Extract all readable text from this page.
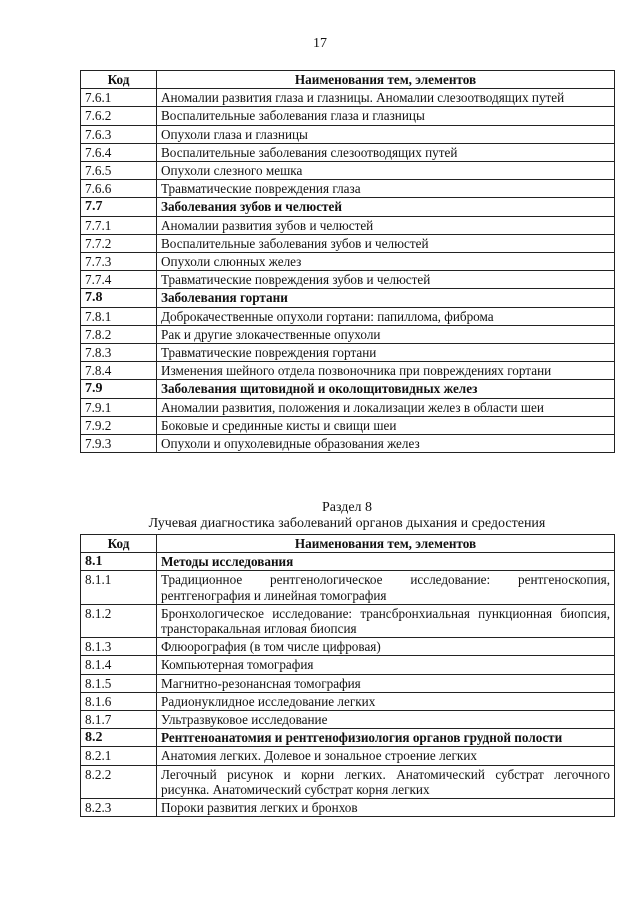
17
Код	Наименования тем, элементов
7.6.1	Аномалии развития глаза и глазницы. Аномалии слезоотводящих путей
7.6.2	Воспалительные заболевания глаза и глазницы
7.6.3	Опухоли глаза и глазницы
7.6.4	Воспалительные заболевания слезоотводящих путей
7.6.5	Опухоли слезного мешка
7.6.6	Травматические повреждения глаза
7.7	Заболевания зубов и челюстей
7.7.1	Аномалии развития зубов и челюстей
7.7.2	Воспалительные заболевания зубов и челюстей
7.7.3	Опухоли слюнных желез
7.7.4	Травматические повреждения зубов и челюстей
7.8	Заболевания гортани
7.8.1	Доброкачественные опухоли гортани: папиллома, фиброма
7.8.2	Рак и другие злокачественные опухоли
7.8.3	Травматические повреждения гортани
7.8.4	Изменения шейного отдела позвоночника при повреждениях гортани
7.9	Заболевания щитовидной и околощитовидных желез
7.9.1	Аномалии развития, положения и локализации желез в области шеи
7.9.2	Боковые и срединные кисты и свищи шеи
7.9.3	Опухоли и опухолевидные образования желез
Раздел 8
Лучевая диагностика заболеваний органов дыхания и средостения
Код	Наименования тем, элементов
8.1	Методы исследования
8.1.1	Традиционное рентгенологическое исследование: рентгеноскопия, рентгенография и линейная томография
8.1.2	Бронхологическое исследование: трансбронхиальная пункционная биопсия, трансторакальная игловая биопсия
8.1.3	Флюорография (в том числе цифровая)
8.1.4	Компьютерная томография
8.1.5	Магнитно-резонансная томография
8.1.6	Радионуклидное исследование легких
8.1.7	Ультразвуковое исследование
8.2	Рентгеноанатомия и рентгенофизиология органов грудной полости
8.2.1	Анатомия легких. Долевое и зональное строение легких
8.2.2	Легочный рисунок и корни легких. Анатомический субстрат легочного рисунка. Анатомический субстрат корня легких
8.2.3	Пороки развития легких и бронхов
